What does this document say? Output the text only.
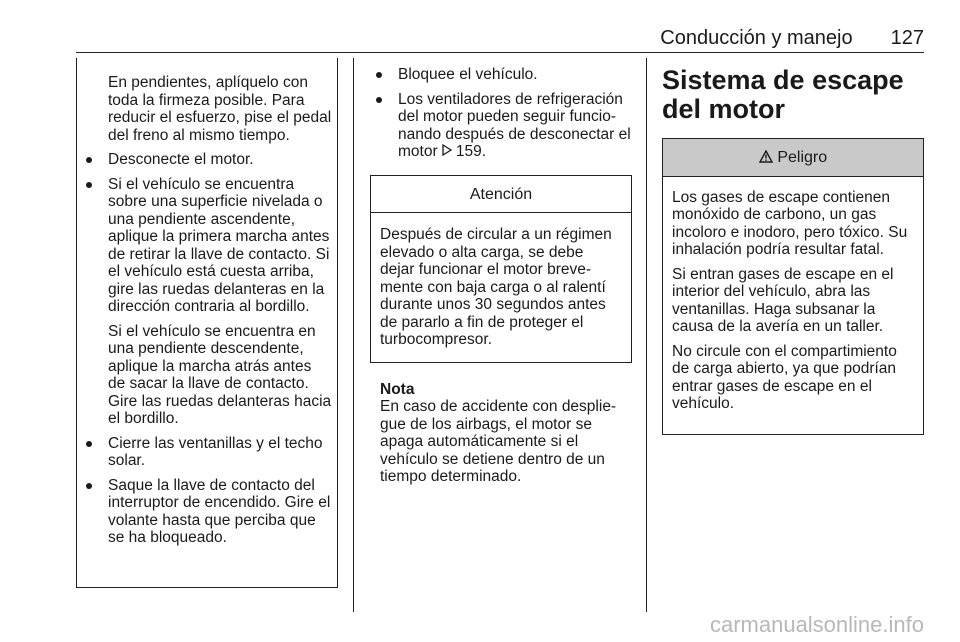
Conducción y manejo 127
En pendientes, aplíquelo con toda la firmeza posible. Para reducir el esfuerzo, pise el pedal del freno al mismo tiempo.
Desconecte el motor.
Si el vehículo se encuentra sobre una superficie nivelada o una pendiente ascendente, aplique la primera marcha antes de retirar la llave de contacto. Si el vehículo está cuesta arriba, gire las ruedas delanteras en la dirección contraria al bordillo.
Si el vehículo se encuentra en una pendiente descendente, aplique la marcha atrás antes de sacar la llave de contacto. Gire las ruedas delanteras hacia el bordillo.
Cierre las ventanillas y el techo solar.
Saque la llave de contacto del interruptor de encendido. Gire el volante hasta que perciba que se ha bloqueado.
Bloquee el vehículo.
Los ventiladores de refrigeración del motor pueden seguir funcio-nando después de desconectar el motor 159.
Atención
Después de circular a un régimen elevado o alta carga, se debe dejar funcionar el motor breve-mente con baja carga o al ralentí durante unos 30 segundos antes de pararlo a fin de proteger el turbocompresor.
Nota
En caso de accidente con desplie-gue de los airbags, el motor se apaga automáticamente si el vehículo se detiene dentro de un tiempo determinado.
Sistema de escape del motor
Peligro

Los gases de escape contienen monóxido de carbono, un gas incoloro e inodoro, pero tóxico. Su inhalación podría resultar fatal.

Si entran gases de escape en el interior del vehículo, abra las ventanillas. Haga subsanar la causa de la avería en un taller.

No circule con el compartimiento de carga abierto, ya que podrían entrar gases de escape en el vehículo.

carmanualsonline.info
